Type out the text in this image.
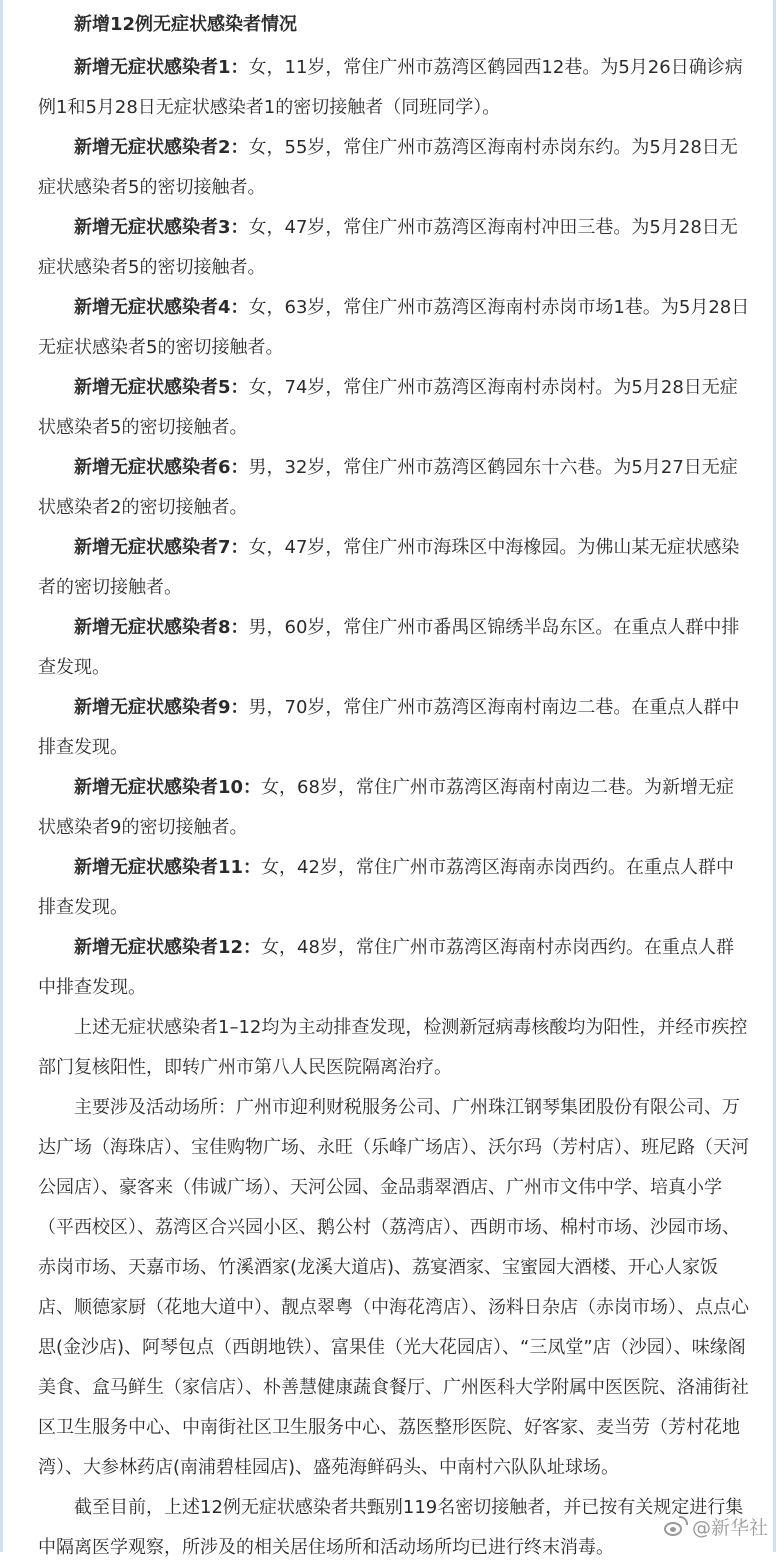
新增12例无症状感染者情况

新增无症状感染者1：女，11岁，常住广州市荔湾区鹤园西12巷。为5月26日确诊病例1和5月28日无症状感染者1的密切接触者（同班同学）。

新增无症状感染者2：女，55岁，常住广州市荔湾区海南村赤岗东约。为5月28日无症状感染者5的密切接触者。

新增无症状感染者3：女，47岁，常住广州市荔湾区海南村冲田三巷。为5月28日无症状感染者5的密切接触者。

新增无症状感染者4：女，63岁，常住广州市荔湾区海南村赤岗市场1巷。为5月28日无症状感染者5的密切接触者。

新增无症状感染者5：女，74岁，常住广州市荔湾区海南村赤岗村。为5月28日无症状感染者5的密切接触者。

新增无症状感染者6：男，32岁，常住广州市荔湾区鹤园东十六巷。为5月27日无症状感染者2的密切接触者。

新增无症状感染者7：女，47岁，常住广州市海珠区中海橡园。为佛山某无症状感染者的密切接触者。

新增无症状感染者8：男，60岁，常住广州市番禺区锦绣半岛东区。在重点人群中排查发现。

新增无症状感染者9：男，70岁，常住广州市荔湾区海南村南边二巷。在重点人群中排查发现。

新增无症状感染者10：女，68岁，常住广州市荔湾区海南村南边二巷。为新增无症状感染者9的密切接触者。

新增无症状感染者11：女，42岁，常住广州市荔湾区海南赤岗西约。在重点人群中排查发现。

新增无症状感染者12：女，48岁，常住广州市荔湾区海南村赤岗西约。在重点人群中排查发现。

上述无症状感染者1–12均为主动排查发现，检测新冠病毒核酸均为阳性，并经市疾控部门复核阳性，即转广州市第八人民医院隔离治疗。

主要涉及活动场所：广州市迎利财税服务公司、广州珠江钢琴集团股份有限公司、万达广场（海珠店）、宝佳购物广场、永旺（乐峰广场店）、沃尔玛（芳村店）、班尼路（天河公园店）、豪客来（伟诚广场）、天河公园、金品翡翠酒店、广州市文伟中学、培真小学（平西校区）、荔湾区合兴园小区、鹅公村（荔湾店）、西朗市场、棉村市场、沙园市场、赤岗市场、天嘉市场、竹溪酒家(龙溪大道店)、荔宴酒家、宝蜜园大酒楼、开心人家饭店、顺德家厨（花地大道中）、靓点翠粤（中海花湾店）、汤料日杂店（赤岗市场）、点点心思(金沙店)、阿琴包点（西朗地铁）、富果佳（光大花园店）、“三凤堂”店（沙园）、味缘阁美食、盒马鲜生（家信店）、朴善慧健康蔬食餐厅、广州医科大学附属中医医院、洛浦街社区卫生服务中心、中南街社区卫生服务中心、荔医整形医院、好客家、麦当劳（芳村花地湾）、大参林药店(南浦碧桂园店)、盛苑海鲜码头、中南村六队队址球场。

截至目前，上述12例无症状感染者共甄别119名密切接触者，并已按有关规定进行集中隔离医学观察，所涉及的相关居住场所和活动场所均已进行终末消毒。

@新华社
